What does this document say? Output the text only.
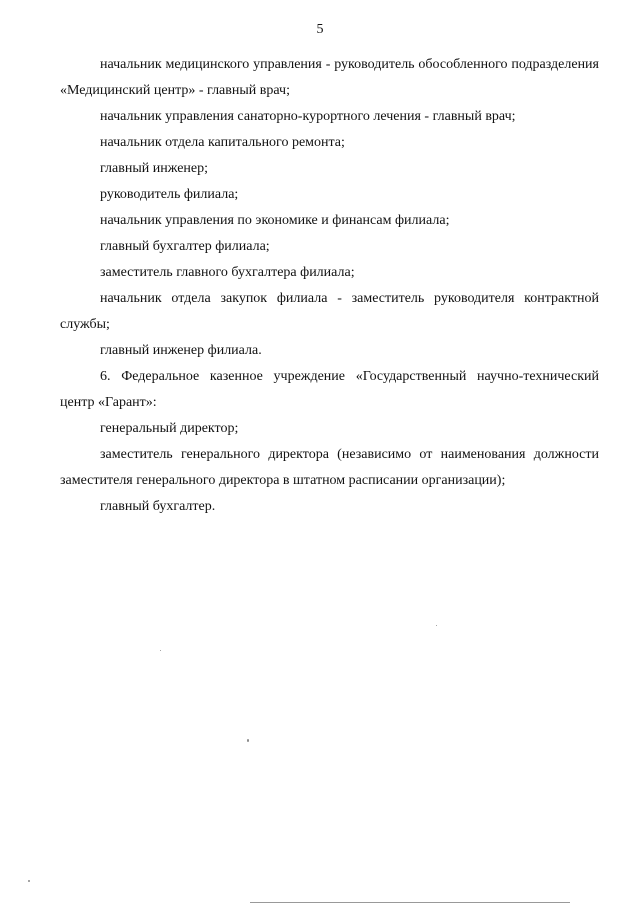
5

начальник медицинского управления - руководитель обособленного подразделения «Медицинский центр» - главный врач;

начальник управления санаторно-курортного лечения - главный врач;

начальник отдела капитального ремонта;

главный инженер;

руководитель филиала;

начальник управления по экономике и финансам филиала;

главный бухгалтер филиала;

заместитель главного бухгалтера филиала;

начальник отдела закупок филиала - заместитель руководителя контрактной службы;

главный инженер филиала.

6. Федеральное казенное учреждение «Государственный научно-технический центр «Гарант»:

генеральный директор;

заместитель генерального директора (независимо от наименования должности заместителя генерального директора в штатном расписании организации);

главный бухгалтер.
